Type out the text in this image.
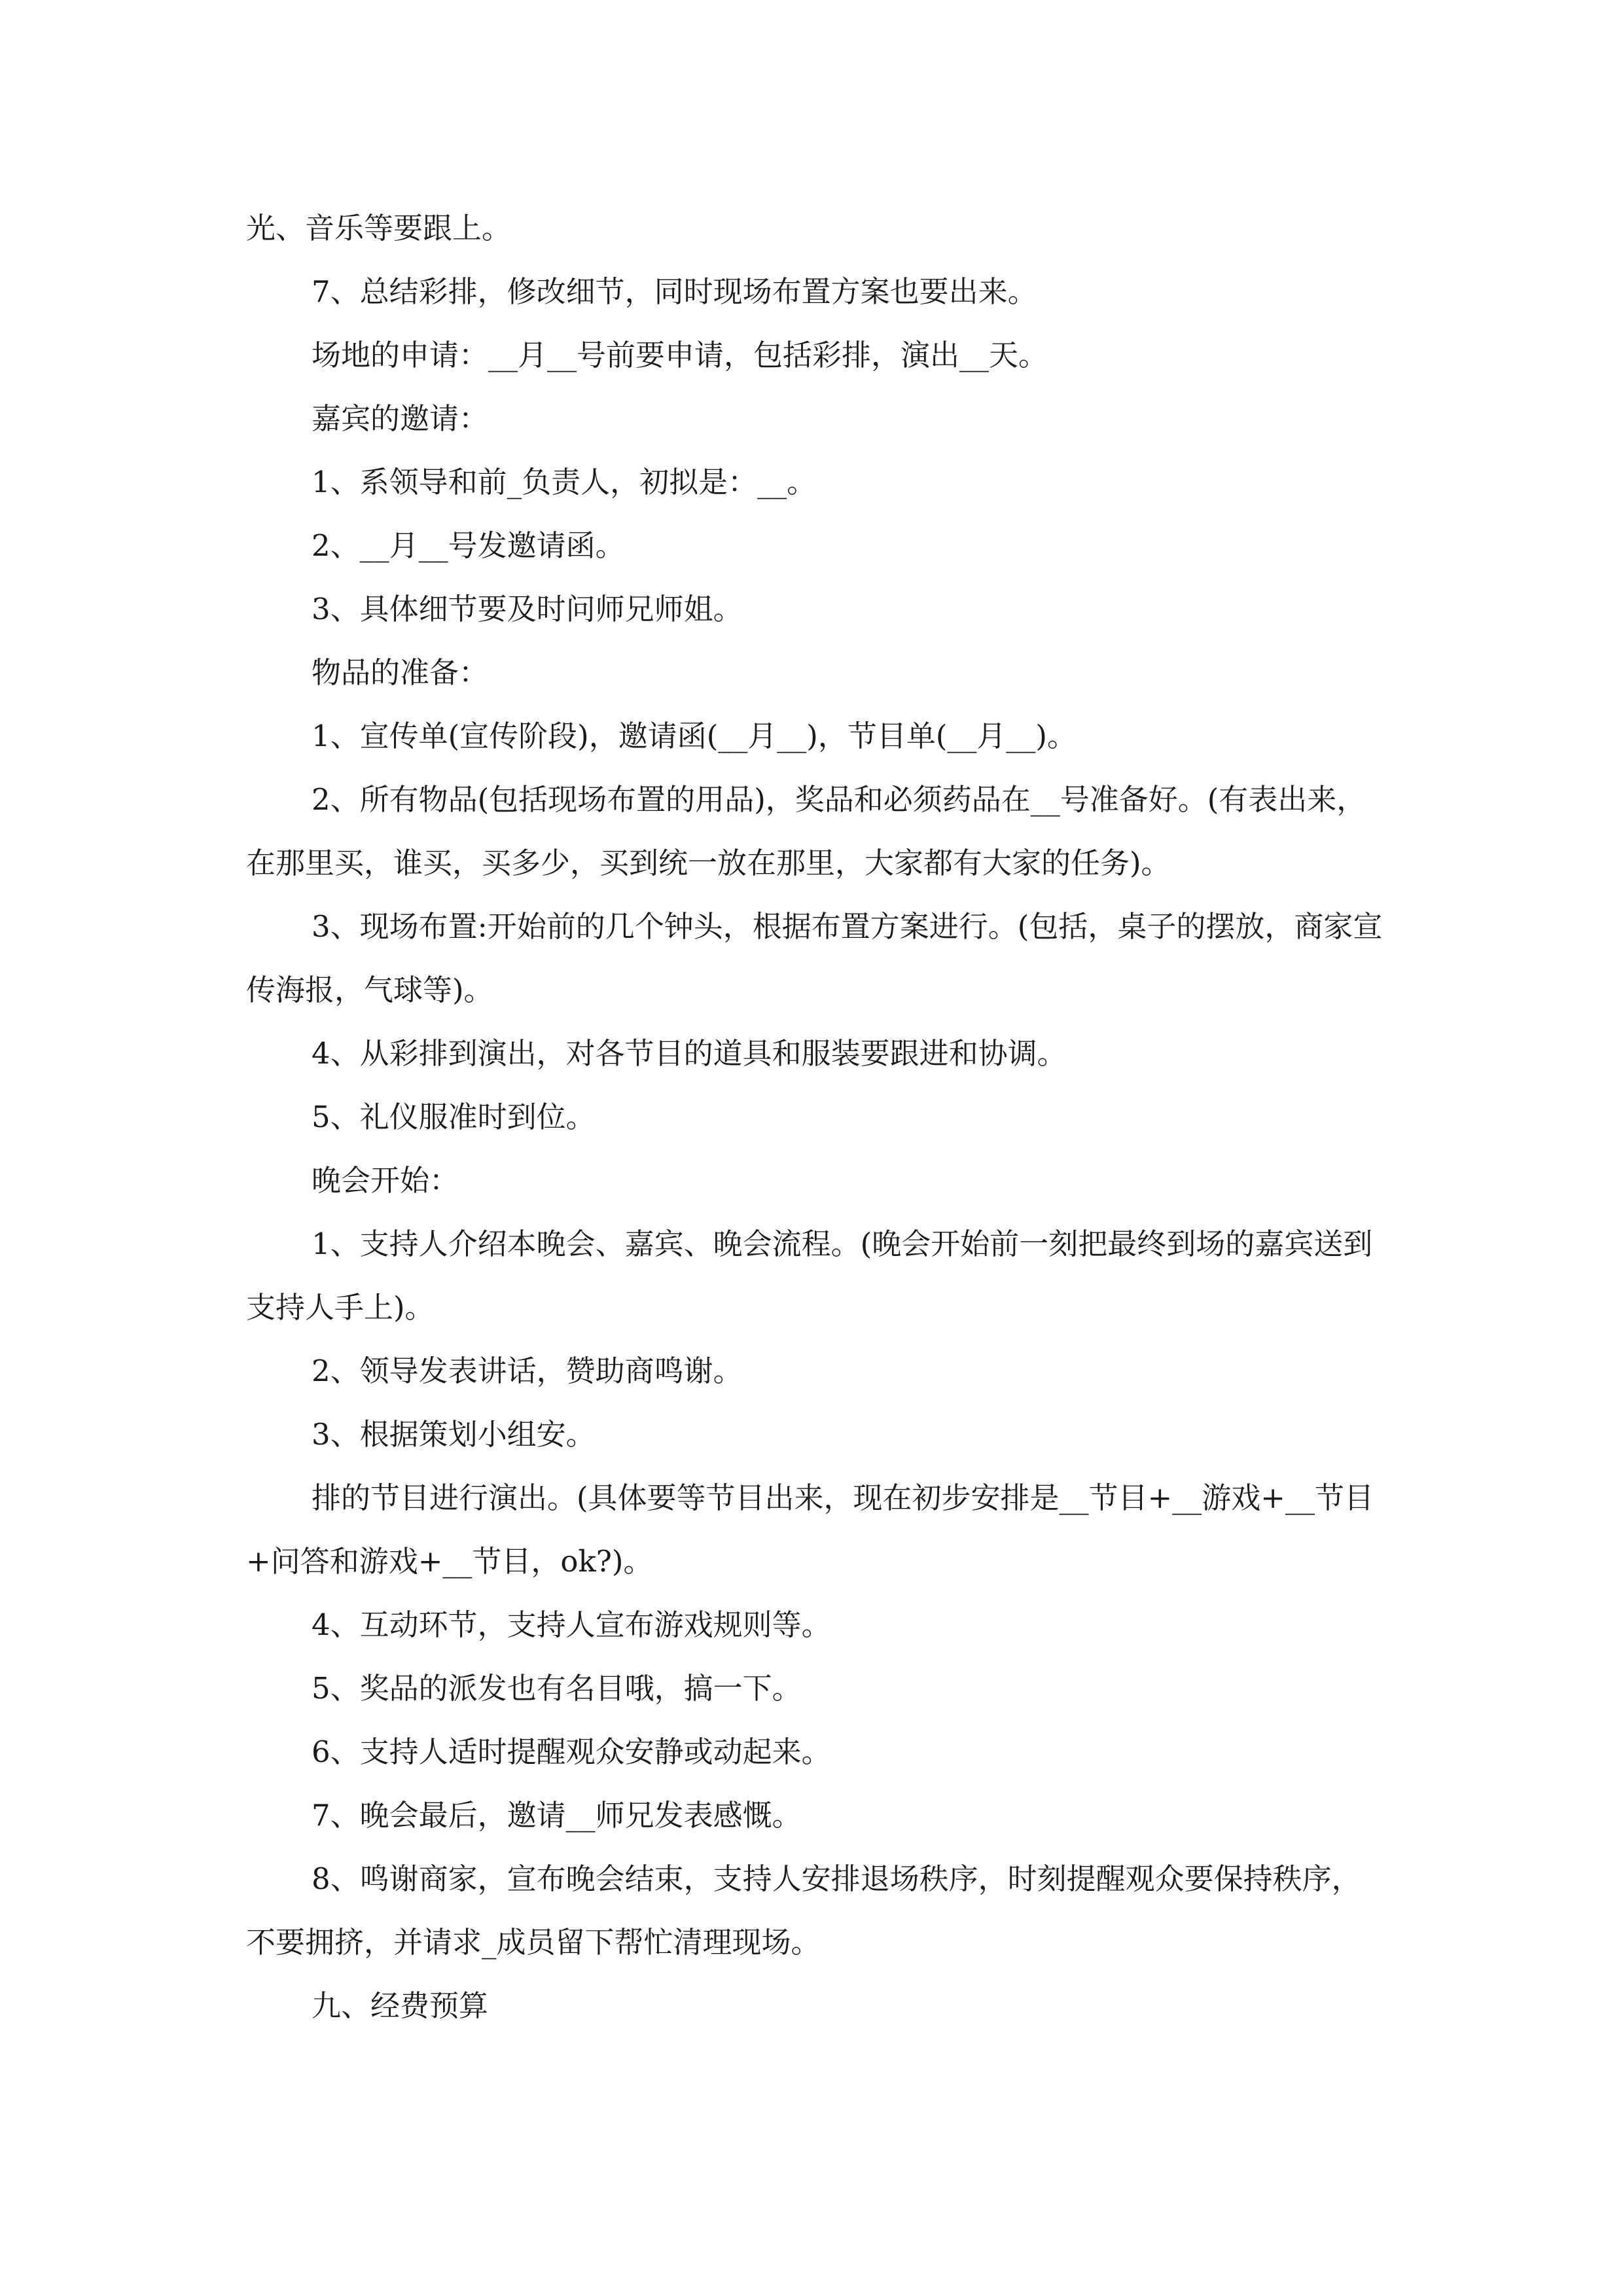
光、音乐等要跟上。

7、总结彩排，修改细节，同时现场布置方案也要出来。

场地的申请：__月__号前要申请，包括彩排，演出__天。

嘉宾的邀请：

1、系领导和前_负责人，初拟是：__。

2、__月__号发邀请函。

3、具体细节要及时问师兄师姐。

物品的准备：

1、宣传单(宣传阶段)，邀请函(__月__)，节目单(__月__)。

2、所有物品(包括现场布置的用品)，奖品和必须药品在__号准备好。(有表出来，在那里买，谁买，买多少，买到统一放在那里，大家都有大家的任务)。

3、现场布置:开始前的几个钟头，根据布置方案进行。(包括，桌子的摆放，商家宣传海报，气球等)。

4、从彩排到演出，对各节目的道具和服装要跟进和协调。

5、礼仪服准时到位。

晚会开始：

1、支持人介绍本晚会、嘉宾、晚会流程。(晚会开始前一刻把最终到场的嘉宾送到支持人手上)。

2、领导发表讲话，赞助商鸣谢。

3、根据策划小组安。

排的节目进行演出。(具体要等节目出来，现在初步安排是__节目+__游戏+__节目+问答和游戏+__节目，ok?)。

4、互动环节，支持人宣布游戏规则等。

5、奖品的派发也有名目哦，搞一下。

6、支持人适时提醒观众安静或动起来。

7、晚会最后，邀请__师兄发表感慨。

8、鸣谢商家，宣布晚会结束，支持人安排退场秩序，时刻提醒观众要保持秩序，不要拥挤，并请求_成员留下帮忙清理现场。

九、经费预算
